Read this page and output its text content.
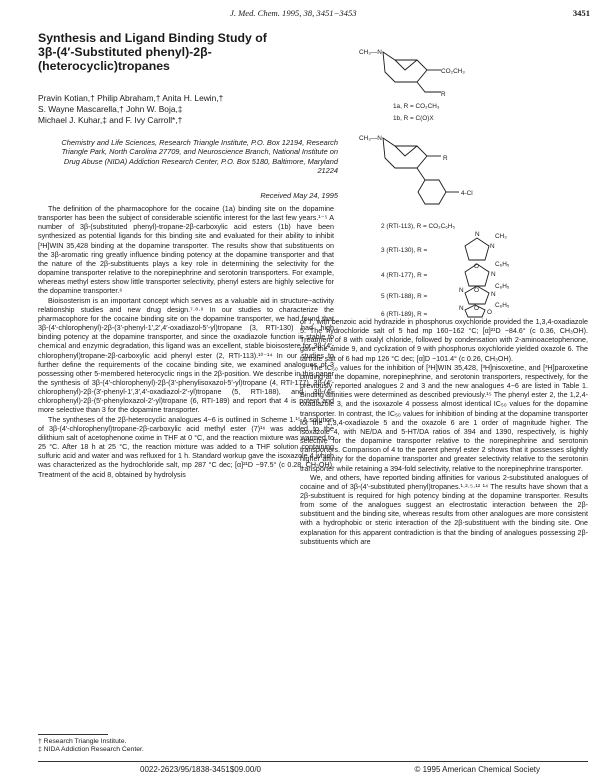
J. Med. Chem. 1995, 38, 3451−3453	3451
Synthesis and Ligand Binding Study of
3β-(4′-Substituted phenyl)-2β-
(heterocyclic)tropanes
Pravin Kotian,† Philip Abraham,† Anita H. Lewin,†
S. Wayne Mascarella,† John W. Boja,‡
Michael J. Kuhar,‡ and F. Ivy Carroll*,†
Chemistry and Life Sciences, Research Triangle Institute, P.O. Box 12194, Research Triangle Park, North Carolina 27709, and Neuroscience Branch, National Institute on Drug Abuse (NIDA) Addiction Research Center, P.O. Box 5180, Baltimore, Maryland 21224
Received May 24, 1995
CH₃—N
CO₂CH₃
R
1a, R = CO₂CH₃
1b, R = C(O)X
CH₃—N
R
4-Cl
2 (RTI-113), R = CO₂C₆H₅
3 (RTI-130), R =
4 (RTI-177), R =
5 (RTI-188), R =
6 (RTI-189), R =
N
N
O
CH₃
N
O
C₆H₅
N
N
O
C₆H₅
N
O
C₆H₅

The definition of the pharmacophore for the cocaine (1a) binding site on the dopamine transporter has been the subject of considerable scientific interest for the last few years.¹⁻⁵ A number of 3β-(substituted phenyl)-tropane-2β-carboxylic acid esters (1b) have been synthesized as potential ligands for this binding site and evaluated for their ability to inhibit [³H]WIN 35,428 binding at the dopamine transporter. The results show that substituents on the 3β-aromatic ring greatly influence binding potency at the dopamine transporter and that the nature of the 2β-substituents plays a key role in determining the selectivity for the dopamine transporter relative to the norepinephrine and serotonin transporters. For example, whereas methyl esters show little transporter selectivity, phenyl esters are highly selective for the dopamine transporter.⁶

Bioisosterism is an important concept which serves as a valuable aid in structure−activity relationship studies and new drug design.⁷·⁸·⁹ In our studies to characterize the pharmacophore for the cocaine binding site on the dopamine transporter, we had found that 3β-(4′-chlorophenyl)-2β-(3′-phenyl-1′,2′,4′-oxadiazol-5′-yl)tropane (3, RTI-130) had high binding potency at the dopamine transporter, and since the oxadiazole function is stable to chemical and enzymic degradation, this ligand was an excellent, stable bioisostere for 3β-(4′-chlorophenyl)tropane-2β-carboxylic acid phenyl ester (2, RTI-113).¹⁰⁻¹⁴ In our studies to further define the requirements of the cocaine binding site, we examined analogues of 3 possessing other 5-membered heterocyclic rings in the 2β-position. We describe in this paper the synthesis of 3β-(4′-chlorophenyl)-2β-(3′-phenylisoxazol-5′-yl)tropane (4, RTI-177), 3β-(4′-chlorophenyl)-2β-(3′-phenyl-1′,3′,4′-oxadiazol-2′-yl)tropane (5, RTI-188), and 3β-(4′-chlorophenyl)-2β-(5′-phenyloxazol-2′-yl)tropane (6, RTI-189) and report that 4 is potent and more selective than 3 for the dopamine transporter.

The syntheses of the 2β-heterocyclic analogues 4−6 is outlined in Scheme 1.¹⁵ A solution of 3β-(4′-chlorophenyl)tropane-2β-carboxylic acid methyl ester (7)¹⁶ was added to the dilithium salt of acetophenone oxime in THF at 0 °C, and the reaction mixture was warmed to 25 °C. After 18 h at 25 °C, the reaction mixture was added to a THF solution containing sulfuric acid and water and was refluxed for 1 h. Standard workup gave the isoxazole 4 which was characterized as the hydrochloride salt, mp 287 °C dec; [α]²¹D −97.5° (c 0.28, CH₃OH). Treatment of the acid 8, obtained by hydrolysis

of 7, with benzoic acid hydrazide in phosphorus oxychloride provided the 1,3,4-oxadiazole 5. The hydrochloride salt of 5 had mp 160−162 °C; [α]²¹D −84.6° (c 0.36, CH₃OH). Treatment of 8 with oxalyl chloride, followed by condensation with 2-aminoacetophenone, gave the amide 9, and cyclization of 9 with phosphorus oxychloride yielded oxazole 6. The tartrate salt of 6 had mp 126 °C dec; [α]D −101.4° (c 0.26, CH₃OH).

The IC₅₀ values for the inhibition of [³H]WIN 35,428, [³H]nisoxetine, and [³H]paroxetine binding at the dopamine, norepinephrine, and serotonin transporters, respectively, for the previously reported analogues 2 and 3 and the new analogues 4−6 are listed in Table 1. Binding affinities were determined as described previously.¹⁵ The phenyl ester 2, the 1,2,4-oxadiazole 3, and the isoxazole 4 possess almost identical IC₅₀ values for the dopamine transporter. In contrast, the IC₅₀ values for inhibition of binding at the dopamine transporter for the 1,3,4-oxadiazole 5 and the oxazole 6 are 1 order of magnitude higher. The isoxazole 4, with NE/DA and 5-HT/DA ratios of 394 and 1390, respectively, is highly selective for the dopamine transporter relative to the norepinephrine and serotonin transporters. Comparison of 4 to the parent phenyl ester 2 shows that it possesses slightly higher affinity for the dopamine transporter and greater selectivity relative to the serotonin transporter while retaining a 394-fold selectivity, relative to the norepinephrine transporter.

We, and others, have reported binding affinities for various 2-substituted analogues of cocaine and of 3β-(4′-substituted phenyl)tropanes.¹·²·⁵·¹² ¹⁴ The results have shown that a 2β-substituent is required for high potency binding at the dopamine transporter. Results from some of the analogues suggest an electrostatic interaction between the 2β-substituent and the binding site, whereas results from other analogues are more consistent with a hydrophobic or steric interaction of the 2β-substituent with the binding site. One explanation for this apparent contradiction is that the binding of analogues possessing 2β-substituents which are

† Research Triangle Institute.
‡ NIDA Addiction Research Center.
0022-2623/95/1838-3451$09.00/0	© 1995 American Chemical Society
